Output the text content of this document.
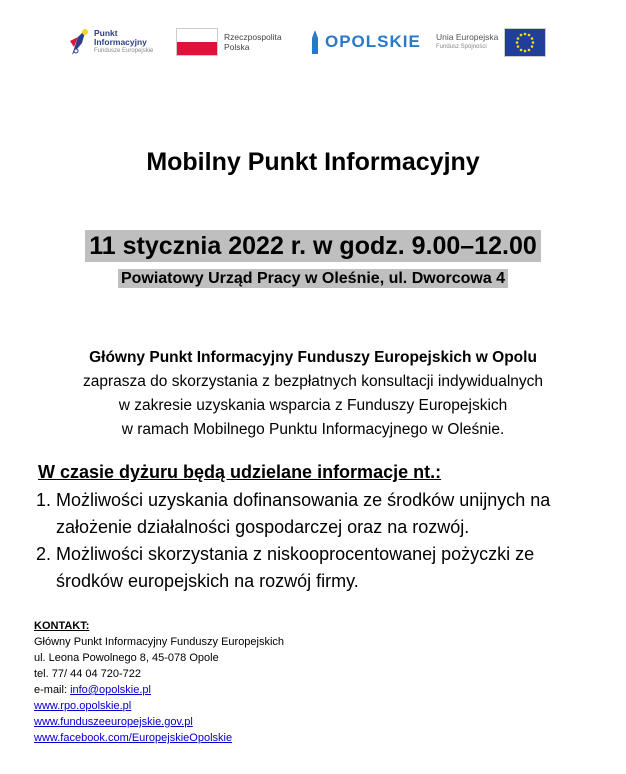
Punkt
Informacyjny
Fundusze Europejskie
Rzeczpospolita
Polska	OPOLSKIE Unia Europejska
Fundusz Spójności
Mobilny Punkt Informacyjny
11 stycznia 2022 r. w godz. 9.00–12.00
Powiatowy Urząd Pracy w Oleśnie, ul. Dworcowa 4
Główny Punkt Informacyjny Funduszy Europejskich w Opolu
zaprasza do skorzystania z bezpłatnych konsultacji indywidualnych
w zakresie uzyskania wsparcia z Funduszy Europejskich
w ramach Mobilnego Punktu Informacyjnego w Oleśnie.
W czasie dyżuru będą udzielane informacje nt.:
1. Możliwości uzyskania dofinansowania ze środków unijnych na
założenie działalności gospodarczej oraz na rozwój.
2. Możliwości skorzystania z niskooprocentowanej pożyczki ze
środków europejskich na rozwój firmy.
KONTAKT:
Główny Punkt Informacyjny Funduszy Europejskich
ul. Leona Powolnego 8, 45-078 Opole
tel. 77/ 44 04 720-722
e-mail: info@opolskie.pl
www.rpo.opolskie.pl
www.funduszeeuropejskie.gov.pl
www.facebook.com/EuropejskieOpolskie
